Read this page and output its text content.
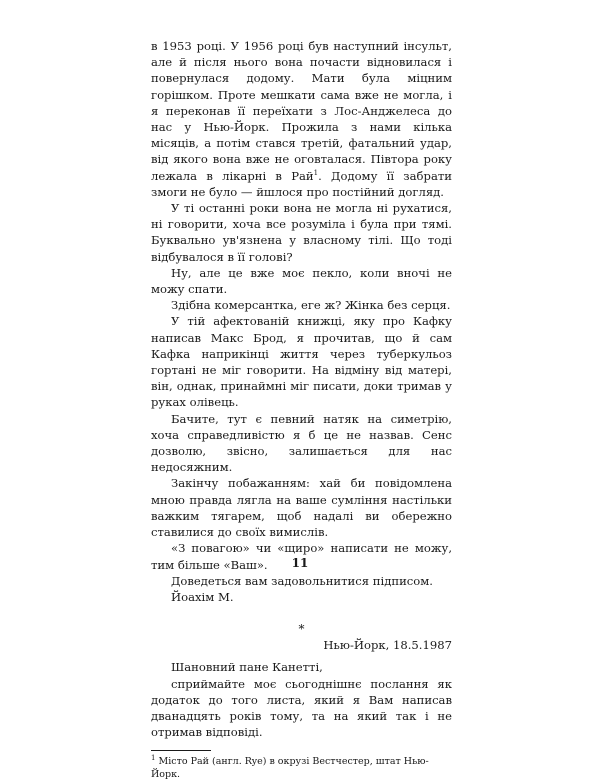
в 1953 році. У 1956 році був наступний інсульт, але й після нього вона почасти відновилася і повернулася додому. Мати була міцним горішком. Проте мешкати сама вже не могла, і я переконав її переїхати з Лос-Анджелеса до нас у Нью-Йорк. Прожила з нами кілька місяців, а потім стався третій, фатальний удар, від якого вона вже не оговталася. Півтора року лежала в лікарні в Рай$^1$. Додому її забрати змоги не було — йшлося про постійний догляд.

У ті останні роки вона не могла ні рухатися, ні говорити, хоча все розуміла і була при тямі. Буквально ув'язнена у власному тілі. Що тоді відбувалося в її голові?

Ну, але це вже моє пекло, коли вночі не можу спати.

Здібна комерсантка, еге ж? Жінка без серця.

У тій афектованій книжці, яку про Кафку написав Макс Брод, я прочитав, що й сам Кафка наприкінці життя через туберкульоз гортані не міг говорити. На відміну від матері, він, однак, принаймні міг писати, доки тримав у руках олівець.

Бачите, тут є певний натяк на симетрію, хоча справедливістю я б це не назвав. Сенс дозволю, звісно, залишається для нас недосяжним.

Закінчу побажанням: хай би повідомлена мною правда лягла на ваше сумління настільки важким тягарем, щоб надалі ви обережно ставилися до своїх вимислів.

«З повагою» чи «щиро» написати не можу, тим більше «Ваш».

Доведеться вам задовольнитися підписом.

Йоахім М.

*

Нью-Йорк, 18.5.1987

Шановний пане Канетті,

сприймайте моє сьогоднішнє послання як додаток до того листа, який я Вам написав дванадцять років тому, та на який так і не отримав відповіді.

$^1$ Місто Рай (англ. Rye) в окрузі Вестчестер, штат Нью-Йорк.

11
